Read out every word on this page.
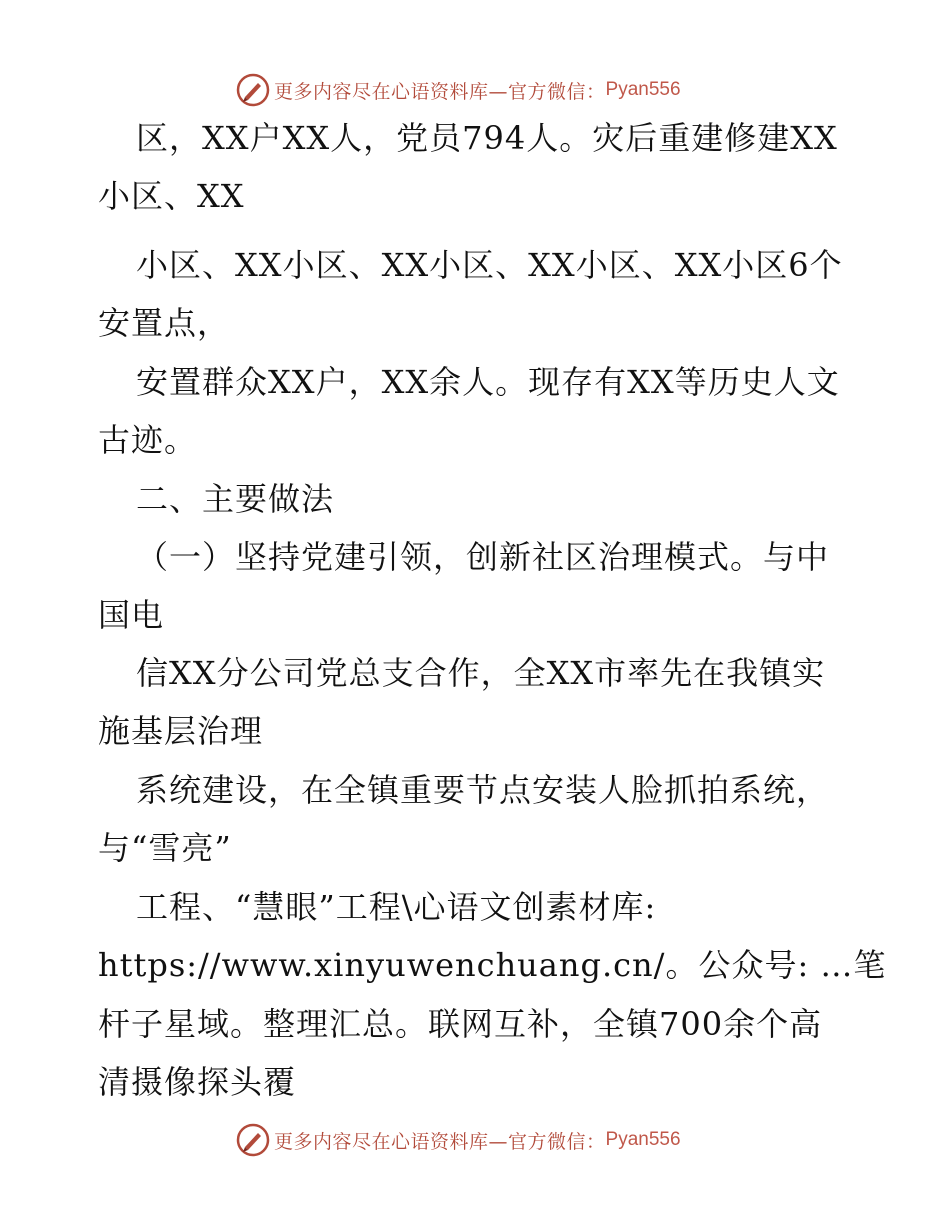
更多内容尽在心语资料库—官方微信： Pyan556
区，XX户XX人，党员794人。灾后重建修建XX
小区、XX
小区、XX小区、XX小区、XX小区、XX小区6个
安置点，
安置群众XX户，XX余人。现存有XX等历史人文
古迹。
二、主要做法
（一）坚持党建引领，创新社区治理模式。与中
国电
信XX分公司党总支合作，全XX市率先在我镇实
施基层治理
系统建设，在全镇重要节点安装人脸抓拍系统，
与“雪亮”
工程、“慧眼”工程\心语文创素材库:
https://www.xinyuwenchuang.cn/。公众号: …笔
杆子星域。整理汇总。联网互补，全镇700余个高
清摄像探头覆
更多内容尽在心语资料库—官方微信： Pyan556
